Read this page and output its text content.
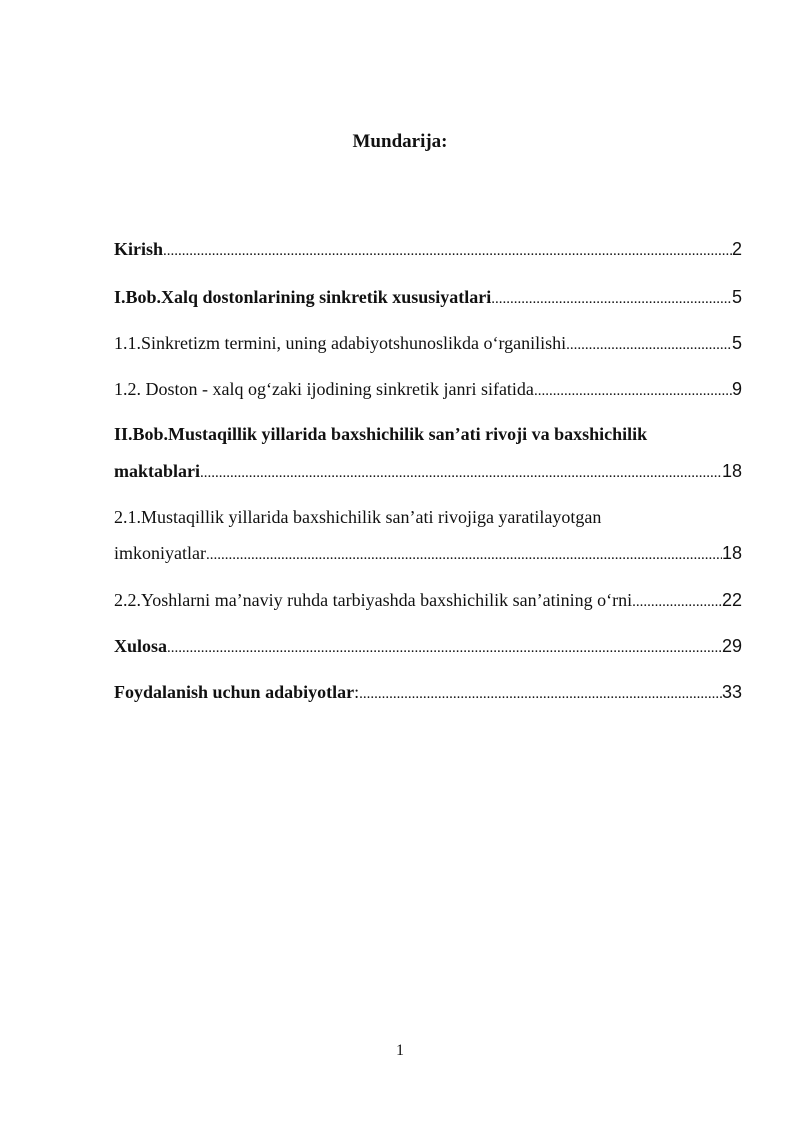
Mundarija:
Kirish .....	2
I.Bob.Xalq dostonlarining sinkretik xususiyatlari .....	5
1.1.Sinkretizm termini, uning adabiyotshunoslikda o‘rganilishi .....	5
1.2. Doston - xalq og‘zaki ijodining sinkretik janri sifatida .....	9
II.Bob.Mustaqillik yillarida baxshichilik san’ati rivoji va baxshichilik
maktablari .....	18
2.1.Mustaqillik yillarida baxshichilik san’ati rivojiga yaratilayotgan
imkoniyatlar .....	18
2.2.Yoshlarni ma’naviy ruhda tarbiyashda baxshichilik san’atining o‘rni .....	22
Xulosa .....	29
Foydalanish uchun adabiyotlar : .....	33
1
